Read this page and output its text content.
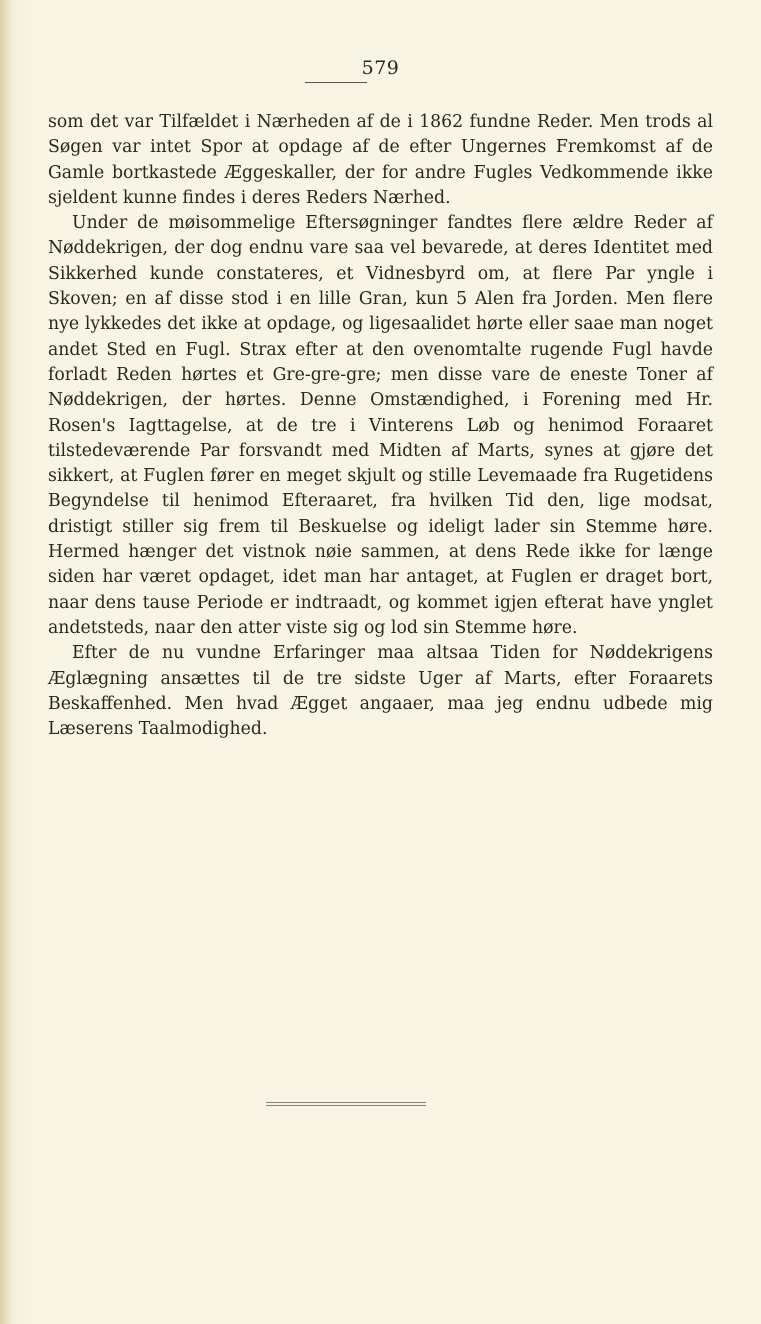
579

som det var Tilfældet i Nærheden af de i 1862 fundne Reder. Men trods al Søgen var intet Spor at opdage af de efter Ungernes Fremkomst af de Gamle bortkastede Æggeskaller, der for andre Fugles Vedkommende ikke sjeldent kunne findes i deres Reders Nærhed.

Under de møisommelige Eftersøgninger fandtes flere ældre Reder af Nøddekrigen, der dog endnu vare saa vel bevarede, at deres Identitet med Sikkerhed kunde constateres, et Vidnesbyrd om, at flere Par yngle i Skoven; en af disse stod i en lille Gran, kun 5 Alen fra Jorden. Men flere nye lykkedes det ikke at opdage, og ligesaalidet hørte eller saae man noget andet Sted en Fugl. Strax efter at den ovenomtalte rugende Fugl havde forladt Reden hørtes et Gre-gre-gre; men disse vare de eneste Toner af Nøddekrigen, der hørtes. Denne Omstændighed, i Forening med Hr. Rosen's Iagttagelse, at de tre i Vinterens Løb og henimod Foraaret tilstedeværende Par forsvandt med Midten af Marts, synes at gjøre det sikkert, at Fuglen fører en meget skjult og stille Levemaade fra Rugetidens Begyndelse til henimod Efteraaret, fra hvilken Tid den, lige modsat, dristigt stiller sig frem til Beskuelse og ideligt lader sin Stemme høre. Hermed hænger det vistnok nøie sammen, at dens Rede ikke for længe siden har været opdaget, idet man har antaget, at Fuglen er draget bort, naar dens tause Periode er indtraadt, og kommet igjen efterat have ynglet andetsteds, naar den atter viste sig og lod sin Stemme høre.

Efter de nu vundne Erfaringer maa altsaa Tiden for Nøddekrigens Æglægning ansættes til de tre sidste Uger af Marts, efter Foraarets Beskaffenhed. Men hvad Ægget angaaer, maa jeg endnu udbede mig Læserens Taalmodighed.
